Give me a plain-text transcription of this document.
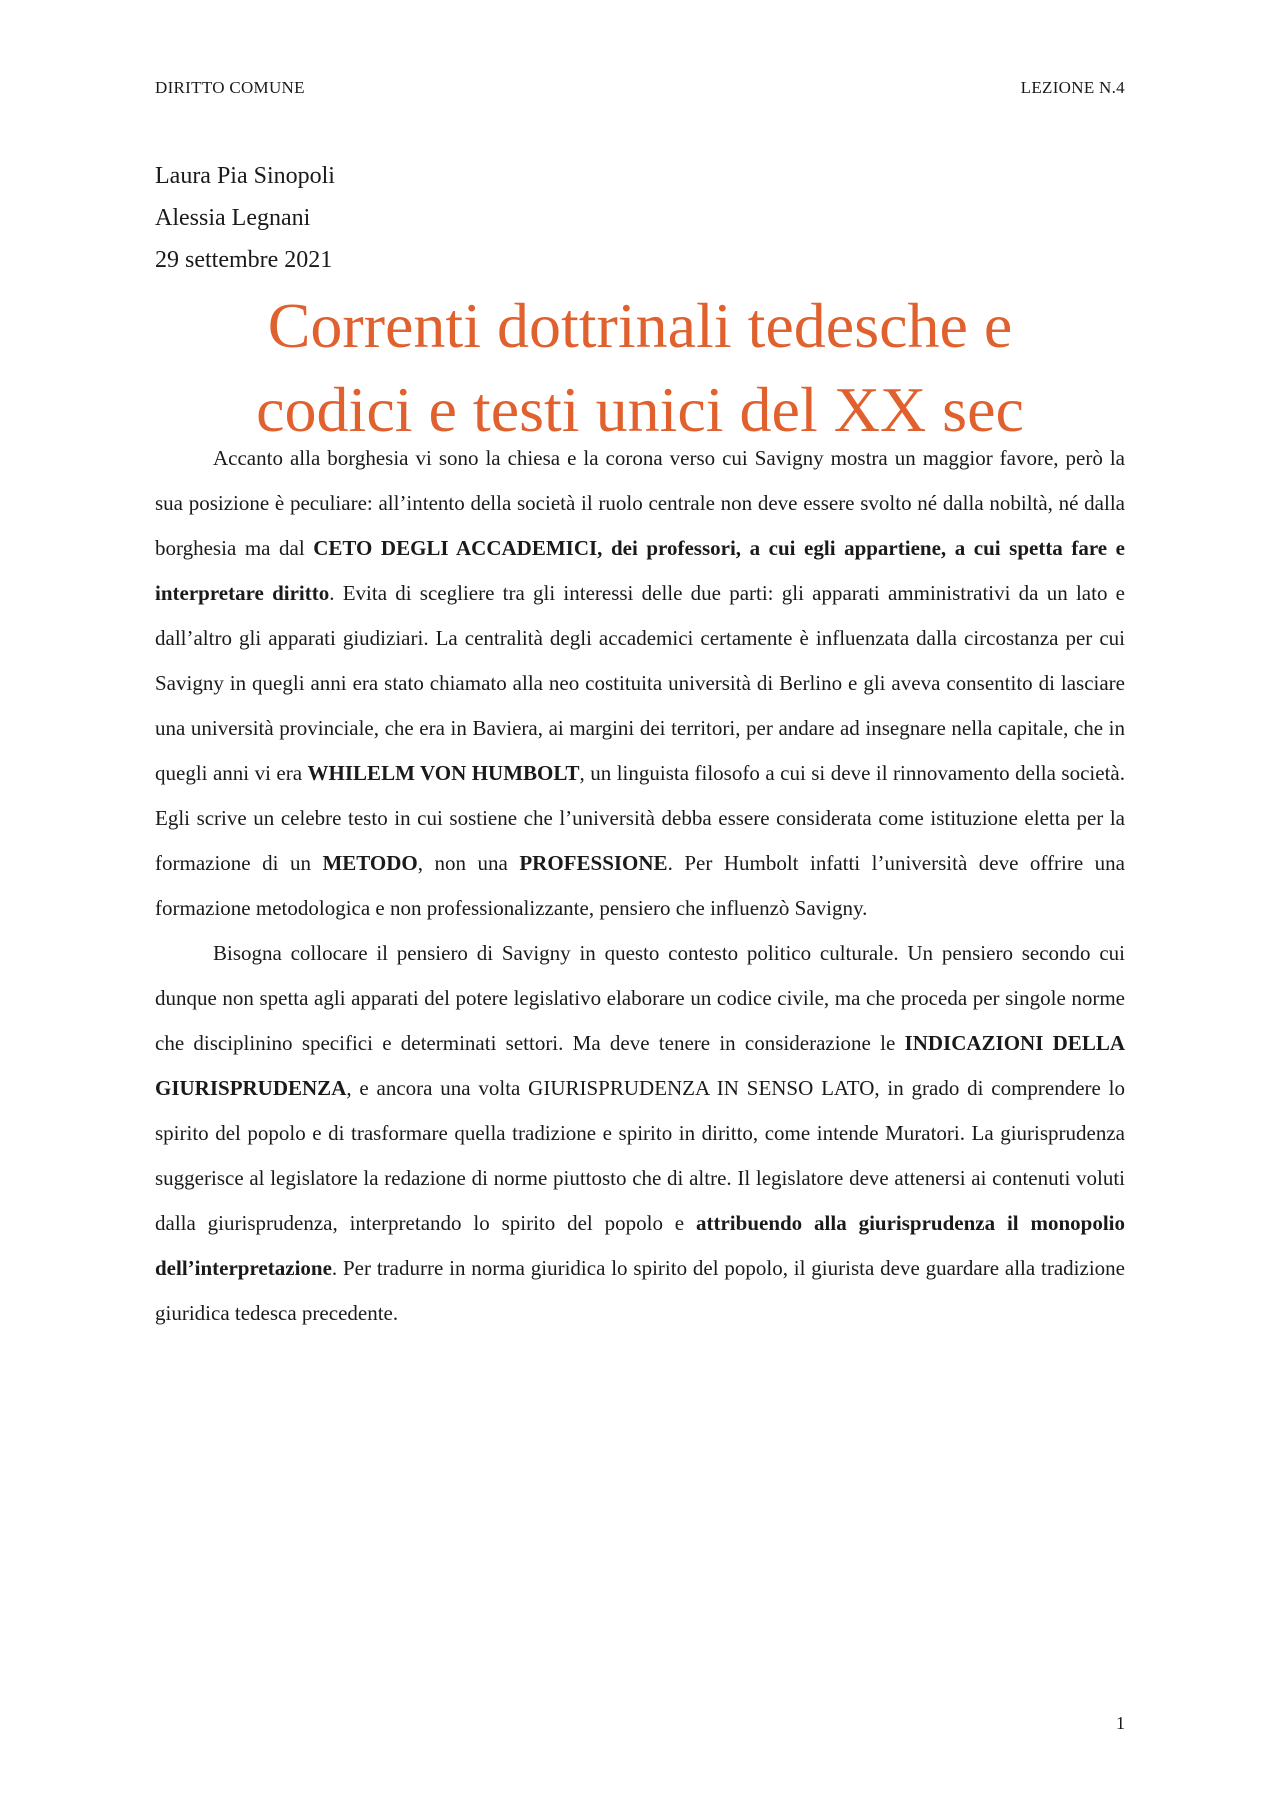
DIRITTO COMUNE	LEZIONE N.4
Laura Pia Sinopoli
Alessia Legnani
29 settembre 2021
Correnti dottrinali tedesche e
codici e testi unici del XX sec

Accanto alla borghesia vi sono la chiesa e la corona verso cui Savigny mostra un maggior favore, però la sua posizione è peculiare: all’intento della società il ruolo centrale non deve essere svolto né dalla nobiltà, né dalla borghesia ma dal CETO DEGLI ACCADEMICI, dei professori, a cui egli appartiene, a cui spetta fare e interpretare diritto. Evita di scegliere tra gli interessi delle due parti: gli apparati amministrativi da un lato e dall’altro gli apparati giudiziari. La centralità degli accademici certamente è influenzata dalla circostanza per cui Savigny in quegli anni era stato chiamato alla neo costituita università di Berlino e gli aveva consentito di lasciare una università provinciale, che era in Baviera, ai margini dei territori, per andare ad insegnare nella capitale, che in quegli anni vi era WHILELM VON HUMBOLT, un linguista filosofo a cui si deve il rinnovamento della società. Egli scrive un celebre testo in cui sostiene che l’università debba essere considerata come istituzione eletta per la formazione di un METODO, non una PROFESSIONE. Per Humbolt infatti l’università deve offrire una formazione metodologica e non professionalizzante, pensiero che influenzò Savigny.

Bisogna collocare il pensiero di Savigny in questo contesto politico culturale. Un pensiero secondo cui dunque non spetta agli apparati del potere legislativo elaborare un codice civile, ma che proceda per singole norme che disciplinino specifici e determinati settori. Ma deve tenere in considerazione le INDICAZIONI DELLA GIURISPRUDENZA, e ancora una volta GIURISPRUDENZA IN SENSO LATO, in grado di comprendere lo spirito del popolo e di trasformare quella tradizione e spirito in diritto, come intende Muratori. La giurisprudenza suggerisce al legislatore la redazione di norme piuttosto che di altre. Il legislatore deve attenersi ai contenuti voluti dalla giurisprudenza, interpretando lo spirito del popolo e attribuendo alla giurisprudenza il monopolio dell’interpretazione. Per tradurre in norma giuridica lo spirito del popolo, il giurista deve guardare alla tradizione giuridica tedesca precedente.

1
